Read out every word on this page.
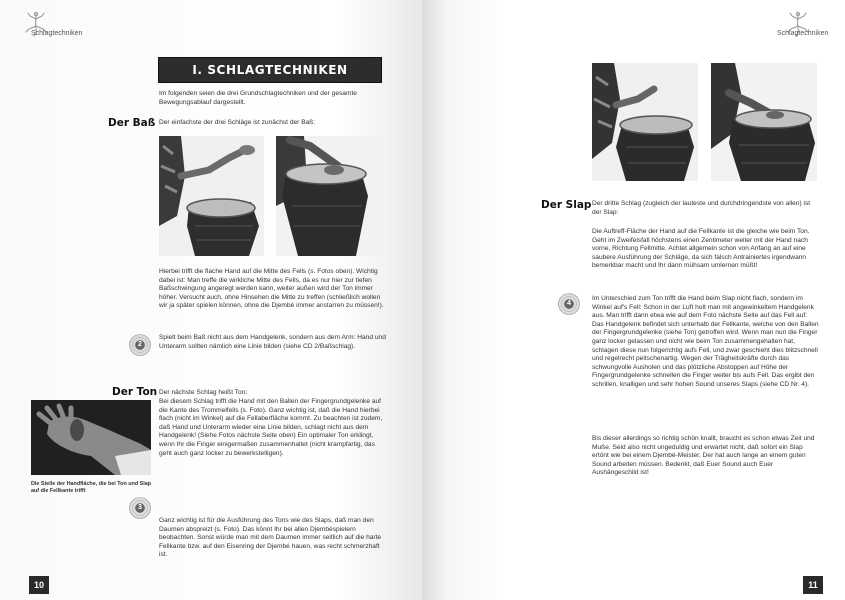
Schlagtechniken
I. SCHLAGTECHNIKEN

Im folgenden seien die drei Grundschlagtechniken und der gesamte Bewegungsablauf dargestellt.

Der Baß Der einfachste der drei Schläge ist zunächst der Baß:

Hierbei trifft die flache Hand auf die Mitte des Fells (s. Fotos oben). Wichtig dabei ist: Man treffe die wirkliche Mitte des Fells, da es nur hier zur tiefen Baßschwingung angeregt werden kann, weiter außen wird der Ton immer höher. Versucht auch, ohne Hinsehen die Mitte zu treffen (schließlich wollen wir ja später spielen können, ohne die Djembé immer anstarren zu müssen!).

2

Spielt beim Baß nicht aus dem Handgelenk, sondern aus dem Arm: Hand und Unterarm sollten nämlich eine Linie bilden (siehe CD 2/Baßschlag).

Der Ton Der nächste Schlag heißt Ton:

Die Stelle der Handfläche, die bei Ton und Slap auf die Fellkante trifft

Bei diesem Schlag trifft die Hand mit den Ballen der Fingergrundgelenke auf die Kante des Trommelfells (s. Foto). Ganz wichtig ist, daß die Hand hierbei flach (nicht im Winkel) auf die Fellaberfläche kommt. Zu beachten ist zudem, daß Hand und Unterarm wieder eine Linie bilden, schlagt nicht aus dem Handgelenk! (Siehe Fotos nächste Seite oben) Ein optimaler Ton erklingt, wenn Ihr die Finger einigermaßen zusammenhaltet (nicht krampfartig, das geht auch ganz locker zu bewerkstelligen).

3

Ganz wichtig ist für die Ausführung des Tons wie des Slaps, daß man den Daumen abspreizt (s. Foto). Das könnt Ihr bei allen Djembéspielern beobachten. Sonst würde man mit dem Daumen immer seitlich auf die harte Fellkante bzw. auf den Eisenring der Djembé hauen, was recht schmerzhaft ist.

10
Schlagtechniken
Der Slap Der dritte Schlag (zugleich der lauteste und durchdringendste von allen) ist der Slap:

Die Auftreff-Fläche der Hand auf die Fellkante ist die gleiche wie beim Ton. Geht im Zweifelsfall höchstens einen Zentimeter weiter mit der Hand nach vorne, Richtung Fellmitte. Achtet allgemein schon von Anfang an auf eine saubere Ausführung der Schläge, da sich falsch Antrainiertes irgendwann bemerkbar macht und Ihr dann mühsam umlernen müßt!

4

Im Unterschied zum Ton trifft die Hand beim Slap nicht flach, sondern im Winkel auf's Fell: Schon in der Luft holt man mit angewinkeltem Handgelenk aus. Man trifft dann etwa wie auf dem Foto nächste Seite auf das Fell auf: Das Handgelenk befindet sich unterhalb der Fellkante, welche von den Ballen der Fingergrundgelenke (siehe Ton) getroffen wird. Wenn man nun die Finger ganz locker gelassen und nicht wie beim Ton zusammengehalten hat, schlagen diese nun folgerichtig aufs Fell, und zwar geschieht dies blitzschnell und regelrecht peitschenartig. Wegen der Trägheitskräfte durch das schwungvolle Ausholen und das plötzliche Abstoppen auf Höhe der Fingergrundgelenke schnellen die Finger weiter bis aufs Fell. Das ergibt den schrillen, knalligen und sehr hohen Sound unseres Slaps (siehe CD Nr. 4).

Bis dieser allerdings so richtig schön knallt, braucht es schon etwas Zeit und Muße. Seid also nicht ungeduldig und erwartet nicht, daß sofort ein Slap ertönt wie bei einem Djembé-Meister. Der hat auch lange an einem guten Sound arbeiten müssen. Bedenkt, daß Euer Sound auch Euer Aushängeschild ist!

11
